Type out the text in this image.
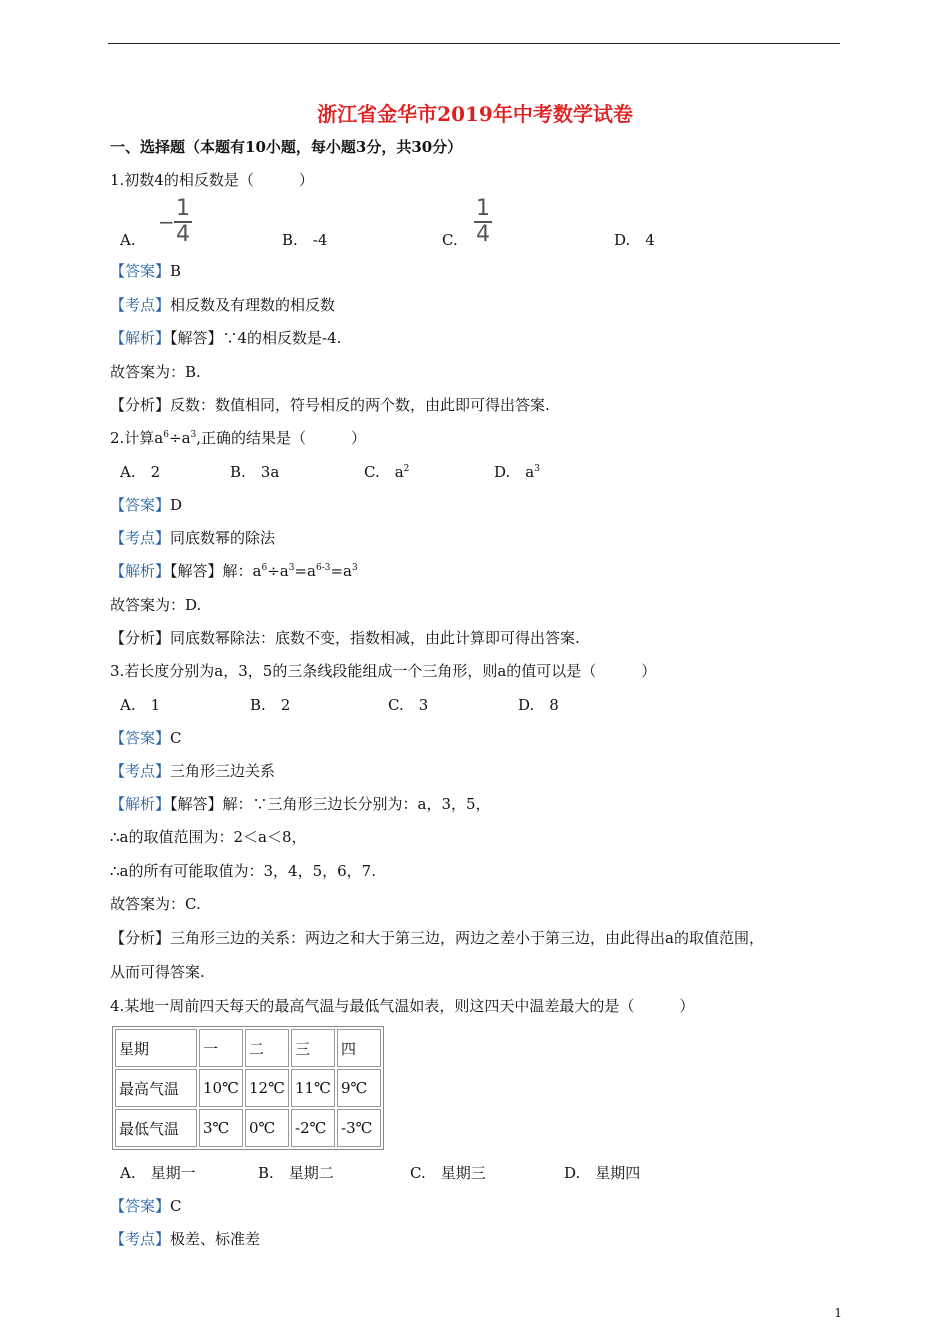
浙江省金华市2019年中考数学试卷
一、选择题（本题有10小题，每小题3分，共30分）
1.初数4的相反数是（　　　）
A.
−
1
4	B.　-4	C.
1
4	D.　4
【答案】B
【考点】相反数及有理数的相反数
【解析】【解答】∵4的相反数是-4.
故答案为：B.
【分析】反数：数值相同，符号相反的两个数，由此即可得出答案.
2.计算$a^6\div a^3$,正确的结果是（　　　）
A.　2	B.　3a	C.　$a^2$	D.　$a^3$
【答案】D
【考点】同底数幂的除法
【解析】【解答】解：$a^6\div a^3=a^{6-3}=a^3$
故答案为：D.
【分析】同底数幂除法：底数不变，指数相减，由此计算即可得出答案.
3.若长度分别为a，3，5的三条线段能组成一个三角形，则a的值可以是（　　　）
A.　1	B.　2	C.　3	D.　8
【答案】C
【考点】三角形三边关系
【解析】【解答】解：∵三角形三边长分别为：a，3，5，
∴a的取值范围为：2＜a＜8，
∴a的所有可能取值为：3，4，5，6，7.
故答案为：C.
【分析】三角形三边的关系：两边之和大于第三边，两边之差小于第三边，由此得出a的取值范围，
从而可得答案.
4.某地一周前四天每天的最高气温与最低气温如表，则这四天中温差最大的是（　　　）
星期	一	二	三	四
最高气温	10℃	12℃	11℃	9℃
最低气温	3℃	0℃	-2℃	-3℃
A.　星期一	B.　星期二	C.　星期三	D.　星期四
【答案】C
【考点】极差、标准差
1
